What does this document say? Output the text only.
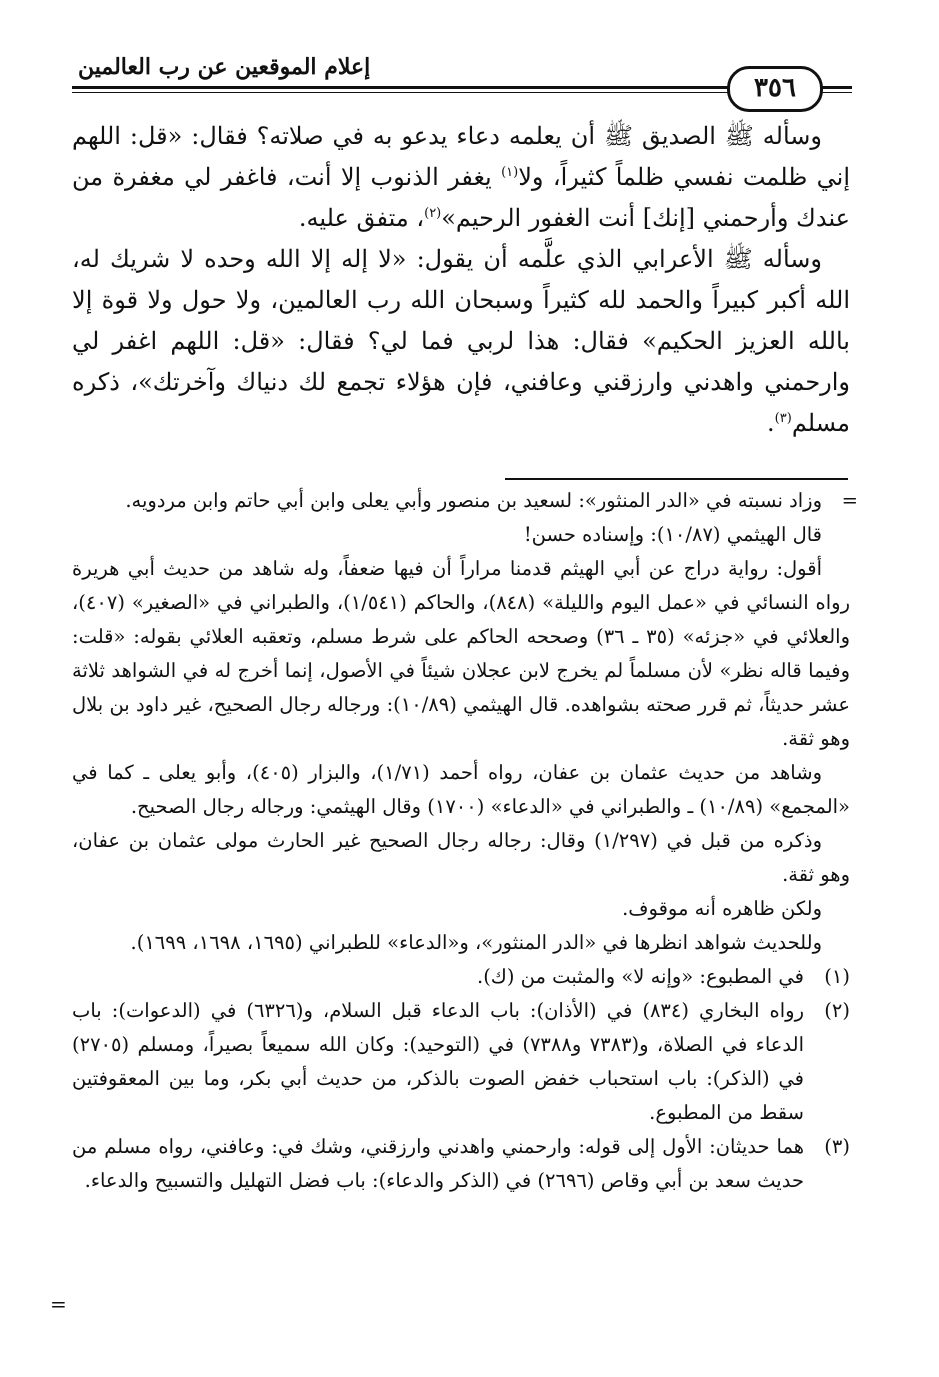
إعلام الموقعين عن رب العالمين
٣٥٦

وسأله ﷺ الصديق ﷺ أن يعلمه دعاء يدعو به في صلاته؟ فقال: «قل: اللهم إني ظلمت نفسي ظلماً كثيراً، ولا$^{(١)}$ يغفر الذنوب إلا أنت، فاغفر لي مغفرة من عندك وأرحمني [إنك] أنت الغفور الرحيم»$^{(٢)}$، متفق عليه.

وسأله ﷺ الأعرابي الذي علَّمه أن يقول: «لا إله إلا الله وحده لا شريك له، الله أكبر كبيراً والحمد لله كثيراً وسبحان الله رب العالمين، ولا حول ولا قوة إلا بالله العزيز الحكيم» فقال: هذا لربي فما لي؟ فقال: «قل: اللهم اغفر لي وارحمني واهدني وارزقني وعافني، فإن هؤلاء تجمع لك دنياك وآخرتك»، ذكره مسلم$^{(٣)}$.

=
وزاد نسبته في «الدر المنثور»: لسعيد بن منصور وأبي يعلى وابن أبي حاتم وابن مردويه.

قال الهيثمي (١٠/٨٧): وإسناده حسن!

أقول: رواية دراج عن أبي الهيثم قدمنا مراراً أن فيها ضعفاً، وله شاهد من حديث أبي هريرة رواه النسائي في «عمل اليوم والليلة» (٨٤٨)، والحاكم (١/٥٤١)، والطبراني في «الصغير» (٤٠٧)، والعلائي في «جزئه» (٣٥ ـ ٣٦) وصححه الحاكم على شرط مسلم، وتعقبه العلائي بقوله: «قلت: وفيما قاله نظر» لأن مسلماً لم يخرج لابن عجلان شيئاً في الأصول، إنما أخرج له في الشواهد ثلاثة عشر حديثاً، ثم قرر صحته بشواهده. قال الهيثمي (١٠/٨٩): ورجاله رجال الصحيح، غير داود بن بلال وهو ثقة.

وشاهد من حديث عثمان بن عفان، رواه أحمد (١/٧١)، والبزار (٤٠٥)، وأبو يعلى ـ كما في «المجمع» (١٠/٨٩) ـ والطبراني في «الدعاء» (١٧٠٠) وقال الهيثمي: ورجاله رجال الصحيح.

وذكره من قبل في (١/٢٩٧) وقال: رجاله رجال الصحيح غير الحارث مولى عثمان بن عفان، وهو ثقة.

ولكن ظاهره أنه موقوف.

وللحديث شواهد انظرها في «الدر المنثور»، و«الدعاء» للطبراني (١٦٩٥، ١٦٩٨، ١٦٩٩).

(١)
في المطبوع: «وإنه لا» والمثبت من (ك).

(٢)
رواه البخاري (٨٣٤) في (الأذان): باب الدعاء قبل السلام، و(٦٣٢٦) في (الدعوات): باب الدعاء في الصلاة، و(٧٣٨٣ و٧٣٨٨) في (التوحيد): وكان الله سميعاً بصيراً، ومسلم (٢٧٠٥) في (الذكر): باب استحباب خفض الصوت بالذكر، من حديث أبي بكر، وما بين المعقوفتين سقط من المطبوع.

(٣)
هما حديثان: الأول إلى قوله: وارحمني واهدني وارزقني، وشك في: وعافني، رواه مسلم من حديث سعد بن أبي وقاص (٢٦٩٦) في (الذكر والدعاء): باب فضل التهليل والتسبيح والدعاء.

=
